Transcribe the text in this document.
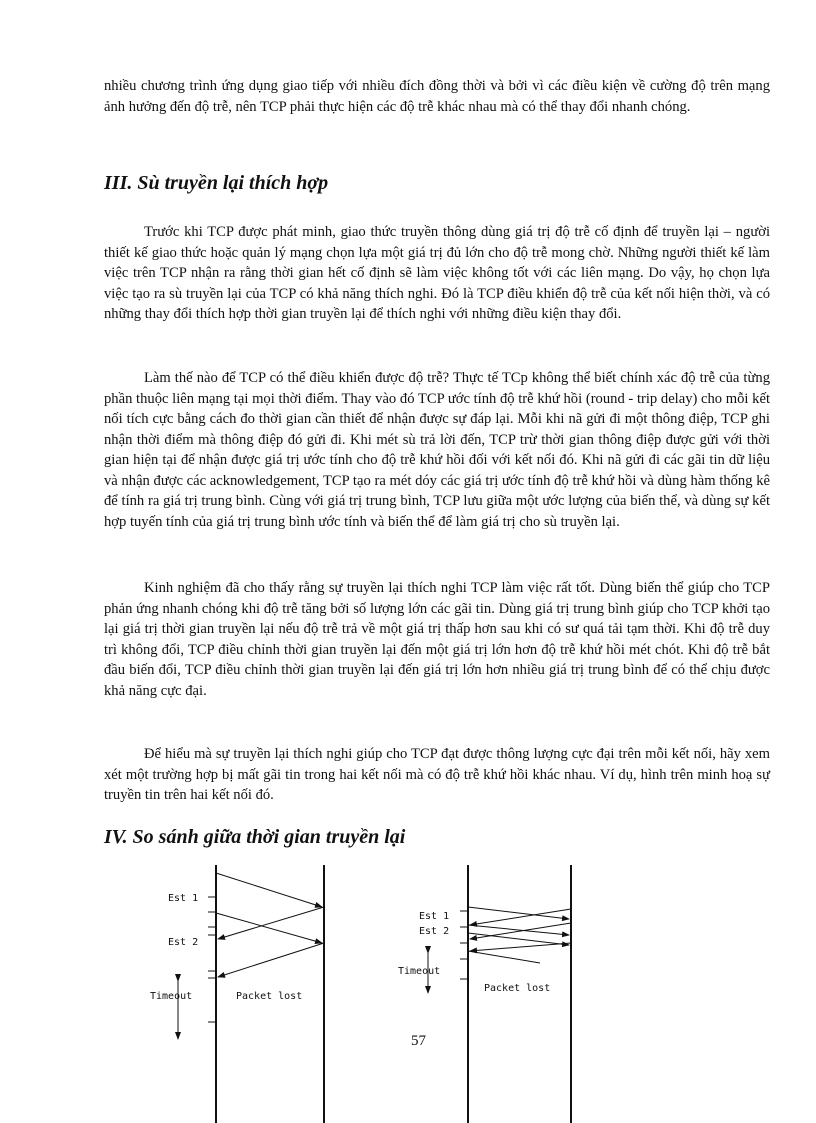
nhiều chương trình ứng dụng giao tiếp với nhiều đích đồng thời và bởi vì các điều kiện về cường độ trên mạng ảnh hưởng đến độ trễ, nên TCP phải thực hiện các độ trễ khác nhau mà có thể thay đổi nhanh chóng.

III. Sù truyền lại thích hợp

Trước khi TCP được phát minh, giao thức truyền thông dùng giá trị độ trễ cố định để truyền lại – người thiết kế giao thức hoặc quản lý mạng chọn lựa một giá trị đủ lớn cho độ trễ mong chờ. Những người thiết kế làm việc trên TCP nhận ra rằng thời gian hết cố định sẽ làm việc không tốt với các liên mạng. Do vậy, họ chọn lựa việc tạo ra sù truyền lại của TCP có khả năng thích nghi. Đó là TCP điều khiển độ trễ của kết nối hiện thời, và có những thay đổi thích hợp thời gian truyền lại để thích nghi với những điều kiện thay đổi.

Làm thế nào để TCP có thể điều khiển được độ trễ? Thực tế TCp không thể biết chính xác độ trễ của từng phần thuộc liên mạng tại mọi thời điểm. Thay vào đó TCP ước tính độ trễ khứ hồi (round - trip delay) cho mỗi kết nối tích cực bằng cách đo thời gian cần thiết để nhận được sự đáp lại. Mỗi khi nã gửi đi một thông điệp, TCP ghi nhận thời điểm mà thông điệp đó gửi đi. Khi mét sù trả lời đến, TCP trừ thời gian thông điệp được gửi với thời gian hiện tại để nhận được giá trị ước tính cho độ trễ khứ hồi đối với kết nối đó. Khi nã gửi đi các gãi tin dữ liệu và nhận được các acknowledgement, TCP tạo ra mét dóy các giá trị ước tính độ trễ khứ hồi và dùng hàm thống kê để tính ra giá trị trung bình. Cùng với giá trị trung bình, TCP lưu giữa một ước lượng của biến thể, và dùng sự kết hợp tuyến tính của giá trị trung bình ước tính và biến thể để làm giá trị cho sù truyền lại.

Kinh nghiệm đã cho thấy rằng sự truyền lại thích nghi TCP làm việc rất tốt. Dùng biến thể giúp cho TCP phản ứng nhanh chóng khi độ trễ tăng bởi số lượng lớn các gãi tin. Dùng giá trị trung bình giúp cho TCP khởi tạo lại giá trị thời gian truyền lại nếu độ trễ trả về một giá trị thấp hơn sau khi có sư quá tải tạm thời. Khi độ trễ duy trì không đổi, TCP điều chỉnh thời gian truyền lại đến một giá trị lớn hơn độ trễ khứ hồi mét chót. Khi độ trễ bắt đầu biến đổi, TCP điều chỉnh thời gian truyền lại đến giá trị lớn hơn nhiều giá trị trung bình để có thể chịu được khả năng cực đại.

Để hiểu mà sự truyền lại thích nghi giúp cho TCP đạt được thông lượng cực đại trên mỗi kết nối, hãy xem xét một trường hợp bị mất gãi tin trong hai kết nối mà có độ trễ khứ hồi khác nhau. Ví dụ, hình trên minh hoạ sự truyền tin trên hai kết nối đó.

IV. So sánh giữa thời gian truyền lại
Est 1
Est 2
Timeout	Packet lost
Est 1
Est 2
Timeout
Packet lost
57
